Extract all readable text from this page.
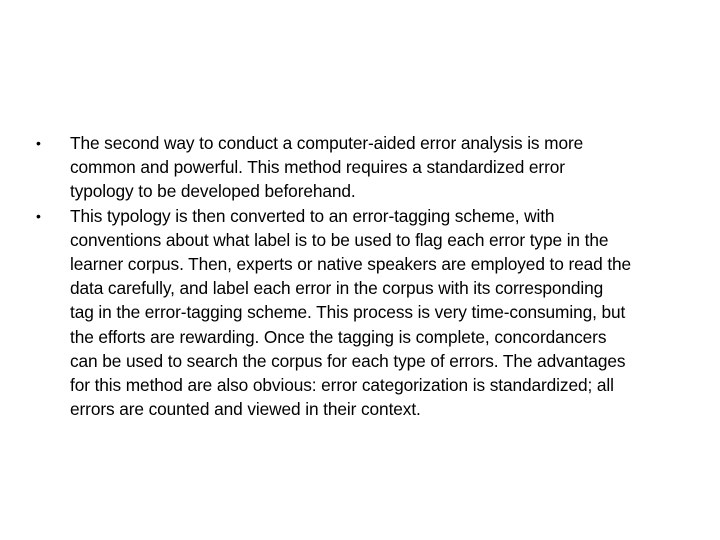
•	The second way to conduct a computer-aided error analysis is more
common and powerful. This method requires a standardized error
typology to be developed beforehand.
•	This typology is then converted to an error-tagging scheme, with
conventions about what label is to be used to flag each error type in the
learner corpus. Then, experts or native speakers are employed to read the
data carefully, and label each error in the corpus with its corresponding
tag in the error-tagging scheme. This process is very time-consuming, but
the efforts are rewarding. Once the tagging is complete, concordancers
can be used to search the corpus for each type of errors. The advantages
for this method are also obvious: error categorization is standardized; all
errors are counted and viewed in their context.
